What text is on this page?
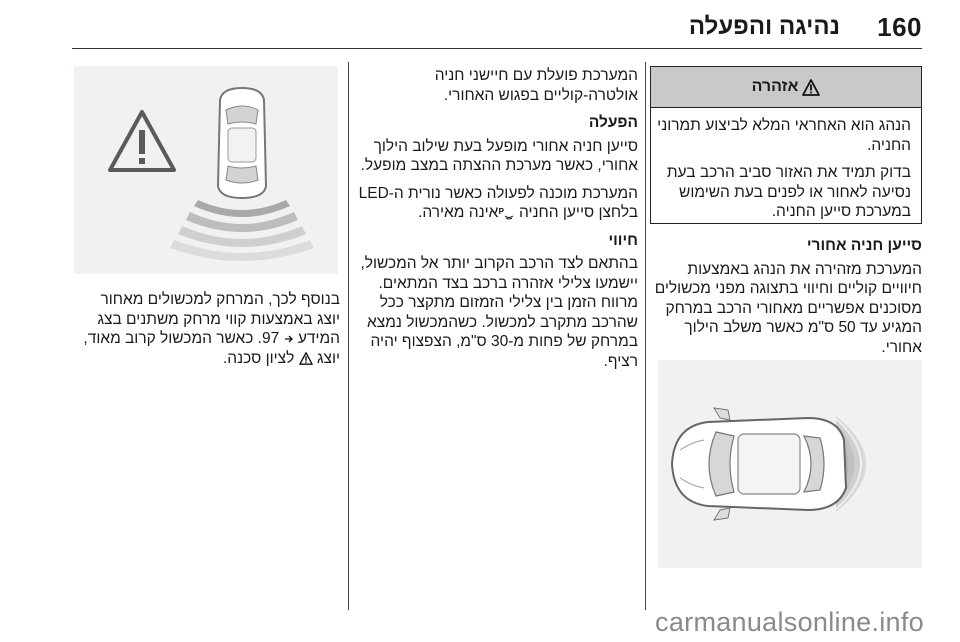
160
נהיגה והפעלה
אזהרה

הנהג הוא האחראי המלא לביצוע תמרוני החניה.

בדוק תמיד את האזור סביב הרכב בעת נסיעה לאחור או לפנים בעת השימוש במערכת סייען החניה.

סייען חניה אחורי

המערכת מזהירה את הנהג באמצעות חיוויים קוליים וחיווי בתצוגה מפני מכשולים מסוכנים אפשריים מאחורי הרכב במרחק המגיע עד 50 ס"מ כאשר משלב הילוך אחורי.

המערכת פועלת עם חיישני חניה אולטרה-קוליים בפגוש האחורי.

הפעלה

סייען חניה אחורי מופעל בעת שילוב הילוך אחורי, כאשר מערכת ההצתה במצב מופעל.

המערכת מוכנה לפעולה כאשר נורית ה-LED בלחצן סייען החניה
P
אינה מאירה.

חיווי

בהתאם לצד הרכב הקרוב יותר אל המכשול, יישמעו צלילי אזהרה ברכב בצד המתאים. מרווח הזמן בין צלילי הזמזום מתקצר ככל שהרכב מתקרב למכשול. כשהמכשול נמצא במרחק של פחות מ-30 ס"מ, הצפצוף יהיה רציף.

בנוסף לכך, המרחק למכשולים מאחור יוצג באמצעות קווי מרחק משתנים בצג המידע  97. כאשר המכשול קרוב מאוד, יוצג  לציון סכנה.

carmanualsonline.info
